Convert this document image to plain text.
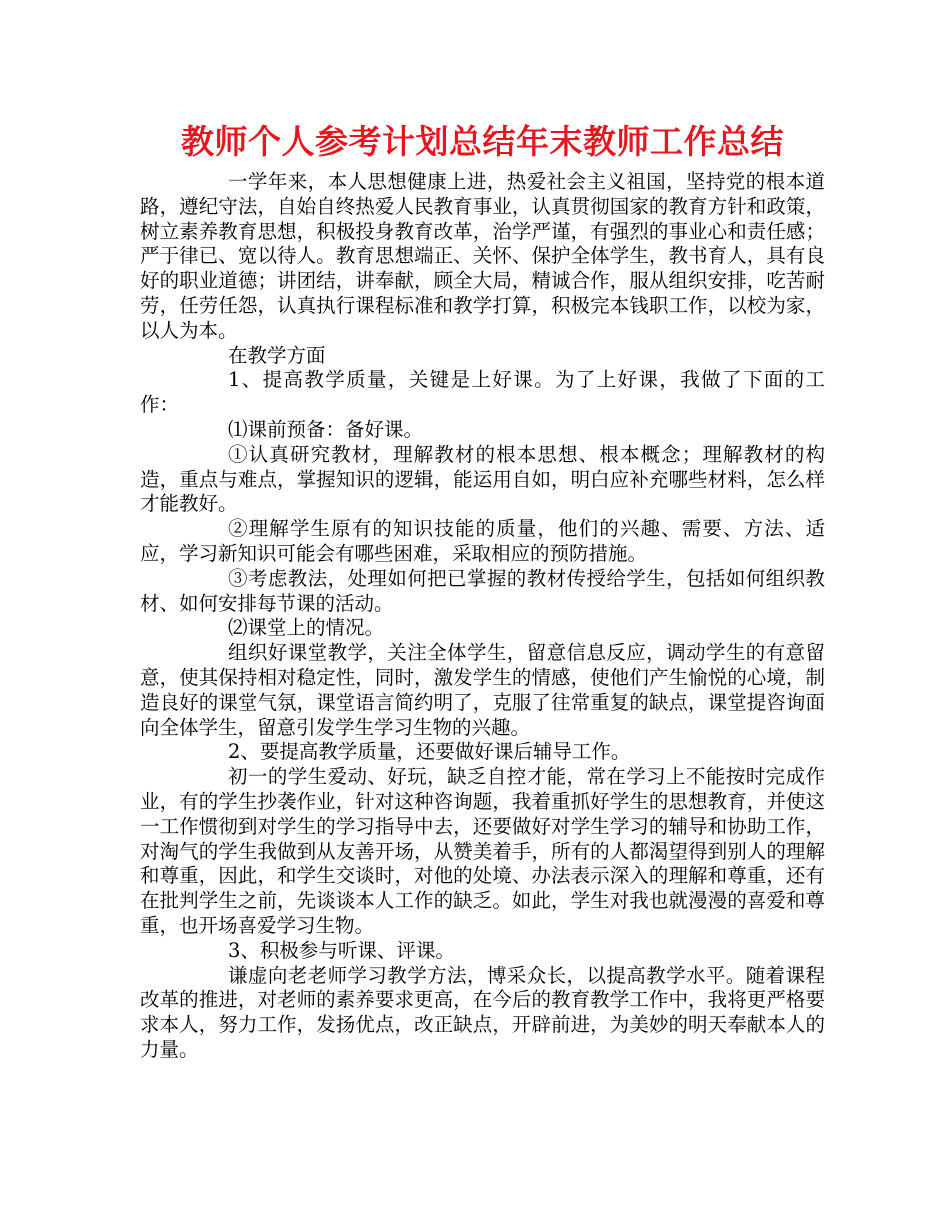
教师个人参考计划总结年末教师工作总结

一学年来，本人思想健康上进，热爱社会主义祖国，坚持党的根本道路，遵纪守法，自始自终热爱人民教育事业，认真贯彻国家的教育方针和政策，树立素养教育思想，积极投身教育改革，治学严谨，有强烈的事业心和责任感；严于律已、宽以待人。教育思想端正、关怀、保护全体学生，教书育人，具有良好的职业道德；讲团结，讲奉献，顾全大局，精诚合作，服从组织安排，吃苦耐劳，任劳任怨，认真执行课程标准和教学打算，积极完本钱职工作，以校为家，以人为本。

在教学方面

1、提高教学质量，关键是上好课。为了上好课，我做了下面的工作：

⑴课前预备：备好课。

①认真研究教材，理解教材的根本思想、根本概念；理解教材的构造，重点与难点，掌握知识的逻辑，能运用自如，明白应补充哪些材料，怎么样才能教好。

②理解学生原有的知识技能的质量，他们的兴趣、需要、方法、适应，学习新知识可能会有哪些困难，采取相应的预防措施。

③考虑教法，处理如何把已掌握的教材传授给学生，包括如何组织教材、如何安排每节课的活动。

⑵课堂上的情况。

组织好课堂教学，关注全体学生，留意信息反应，调动学生的有意留意，使其保持相对稳定性，同时，激发学生的情感，使他们产生愉悦的心境，制造良好的课堂气氛，课堂语言简约明了，克服了往常重复的缺点，课堂提咨询面向全体学生，留意引发学生学习生物的兴趣。

2、要提高教学质量，还要做好课后辅导工作。

初一的学生爱动、好玩，缺乏自控才能，常在学习上不能按时完成作业，有的学生抄袭作业，针对这种咨询题，我着重抓好学生的思想教育，并使这一工作惯彻到对学生的学习指导中去，还要做好对学生学习的辅导和协助工作，对淘气的学生我做到从友善开场，从赞美着手，所有的人都渴望得到别人的理解和尊重，因此，和学生交谈时，对他的处境、办法表示深入的理解和尊重，还有在批判学生之前，先谈谈本人工作的缺乏。如此，学生对我也就漫漫的喜爱和尊重，也开场喜爱学习生物。

3、积极参与听课、评课。

谦虚向老老师学习教学方法，博采众长，以提高教学水平。随着课程改革的推进，对老师的素养要求更高，在今后的教育教学工作中，我将更严格要求本人，努力工作，发扬优点，改正缺点，开辟前进，为美妙的明天奉献本人的力量。
